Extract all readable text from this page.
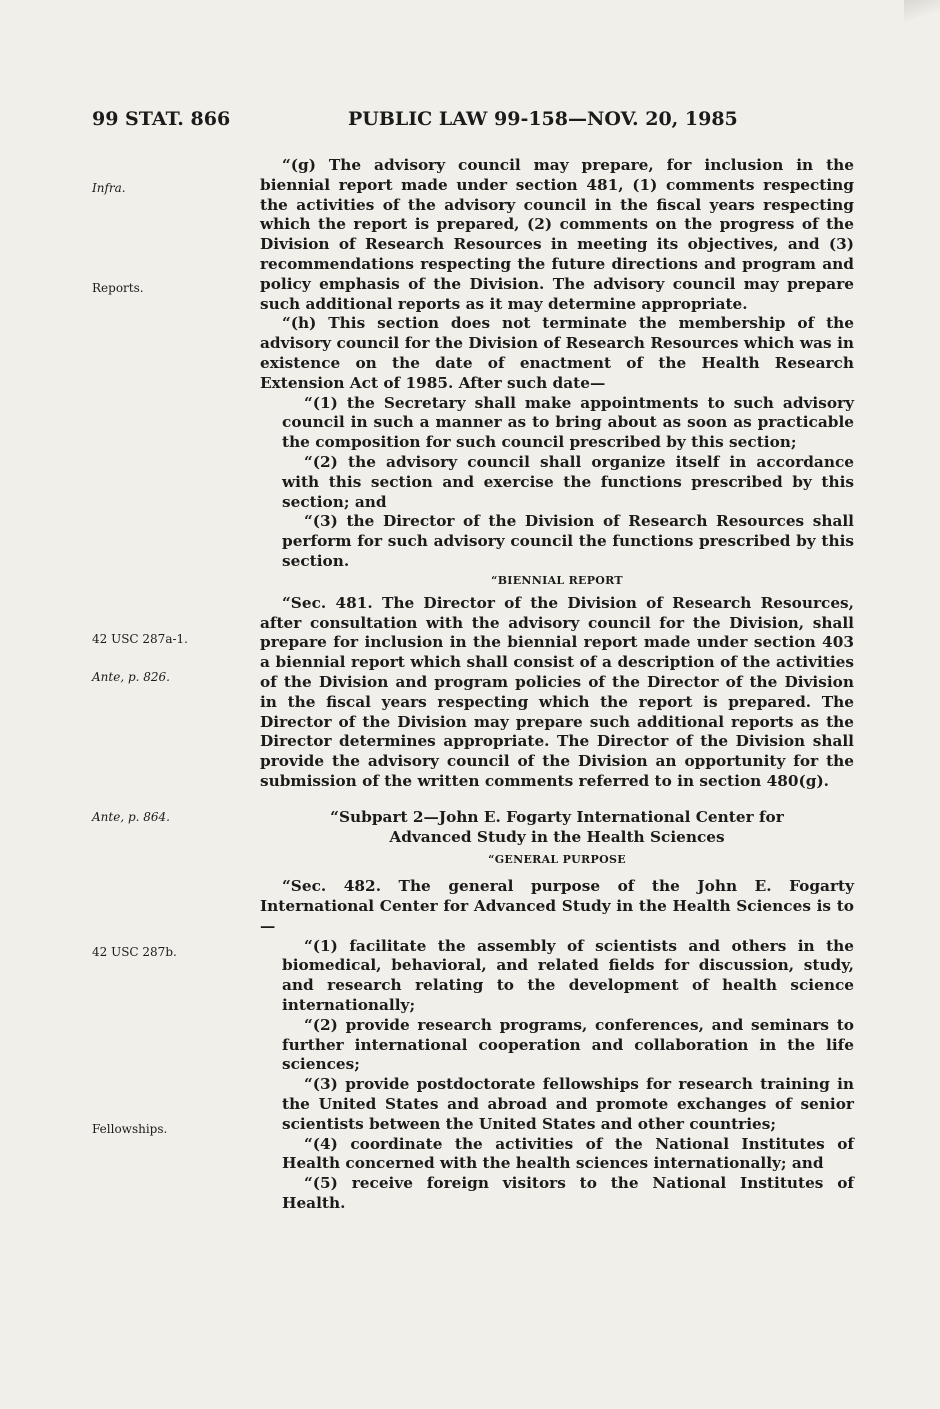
99 STAT. 866	PUBLIC LAW 99-158—NOV. 20, 1985
Infra.
Reports.
42 USC 287a-1.
Ante, p. 826.
Ante, p. 864.
42 USC 287b.
Fellowships.

“(g) The advisory council may prepare, for inclusion in the biennial report made under section 481, (1) comments respecting the activities of the advisory council in the fiscal years respecting which the report is prepared, (2) comments on the progress of the Division of Research Resources in meeting its objectives, and (3) recommendations respecting the future directions and program and policy emphasis of the Division. The advisory council may prepare such additional reports as it may determine appropriate.

“(h) This section does not terminate the membership of the advisory council for the Division of Research Resources which was in existence on the date of enactment of the Health Research Extension Act of 1985. After such date—

“(1) the Secretary shall make appointments to such advisory council in such a manner as to bring about as soon as practicable the composition for such council prescribed by this section;

“(2) the advisory council shall organize itself in accordance with this section and exercise the functions prescribed by this section; and

“(3) the Director of the Division of Research Resources shall perform for such advisory council the functions prescribed by this section.

“BIENNIAL REPORT

“Sec. 481. The Director of the Division of Research Resources, after consultation with the advisory council for the Division, shall prepare for inclusion in the biennial report made under section 403 a biennial report which shall consist of a description of the activities of the Division and program policies of the Director of the Division in the fiscal years respecting which the report is prepared. The Director of the Division may prepare such additional reports as the Director determines appropriate. The Director of the Division shall provide the advisory council of the Division an opportunity for the submission of the written comments referred to in section 480(g).

“Subpart 2—John E. Fogarty International Center for Advanced Study in the Health Sciences

“GENERAL PURPOSE

“Sec. 482. The general purpose of the John E. Fogarty International Center for Advanced Study in the Health Sciences is to—

“(1) facilitate the assembly of scientists and others in the biomedical, behavioral, and related fields for discussion, study, and research relating to the development of health science internationally;

“(2) provide research programs, conferences, and seminars to further international cooperation and collaboration in the life sciences;

“(3) provide postdoctorate fellowships for research training in the United States and abroad and promote exchanges of senior scientists between the United States and other countries;

“(4) coordinate the activities of the National Institutes of Health concerned with the health sciences internationally; and

“(5) receive foreign visitors to the National Institutes of Health.
